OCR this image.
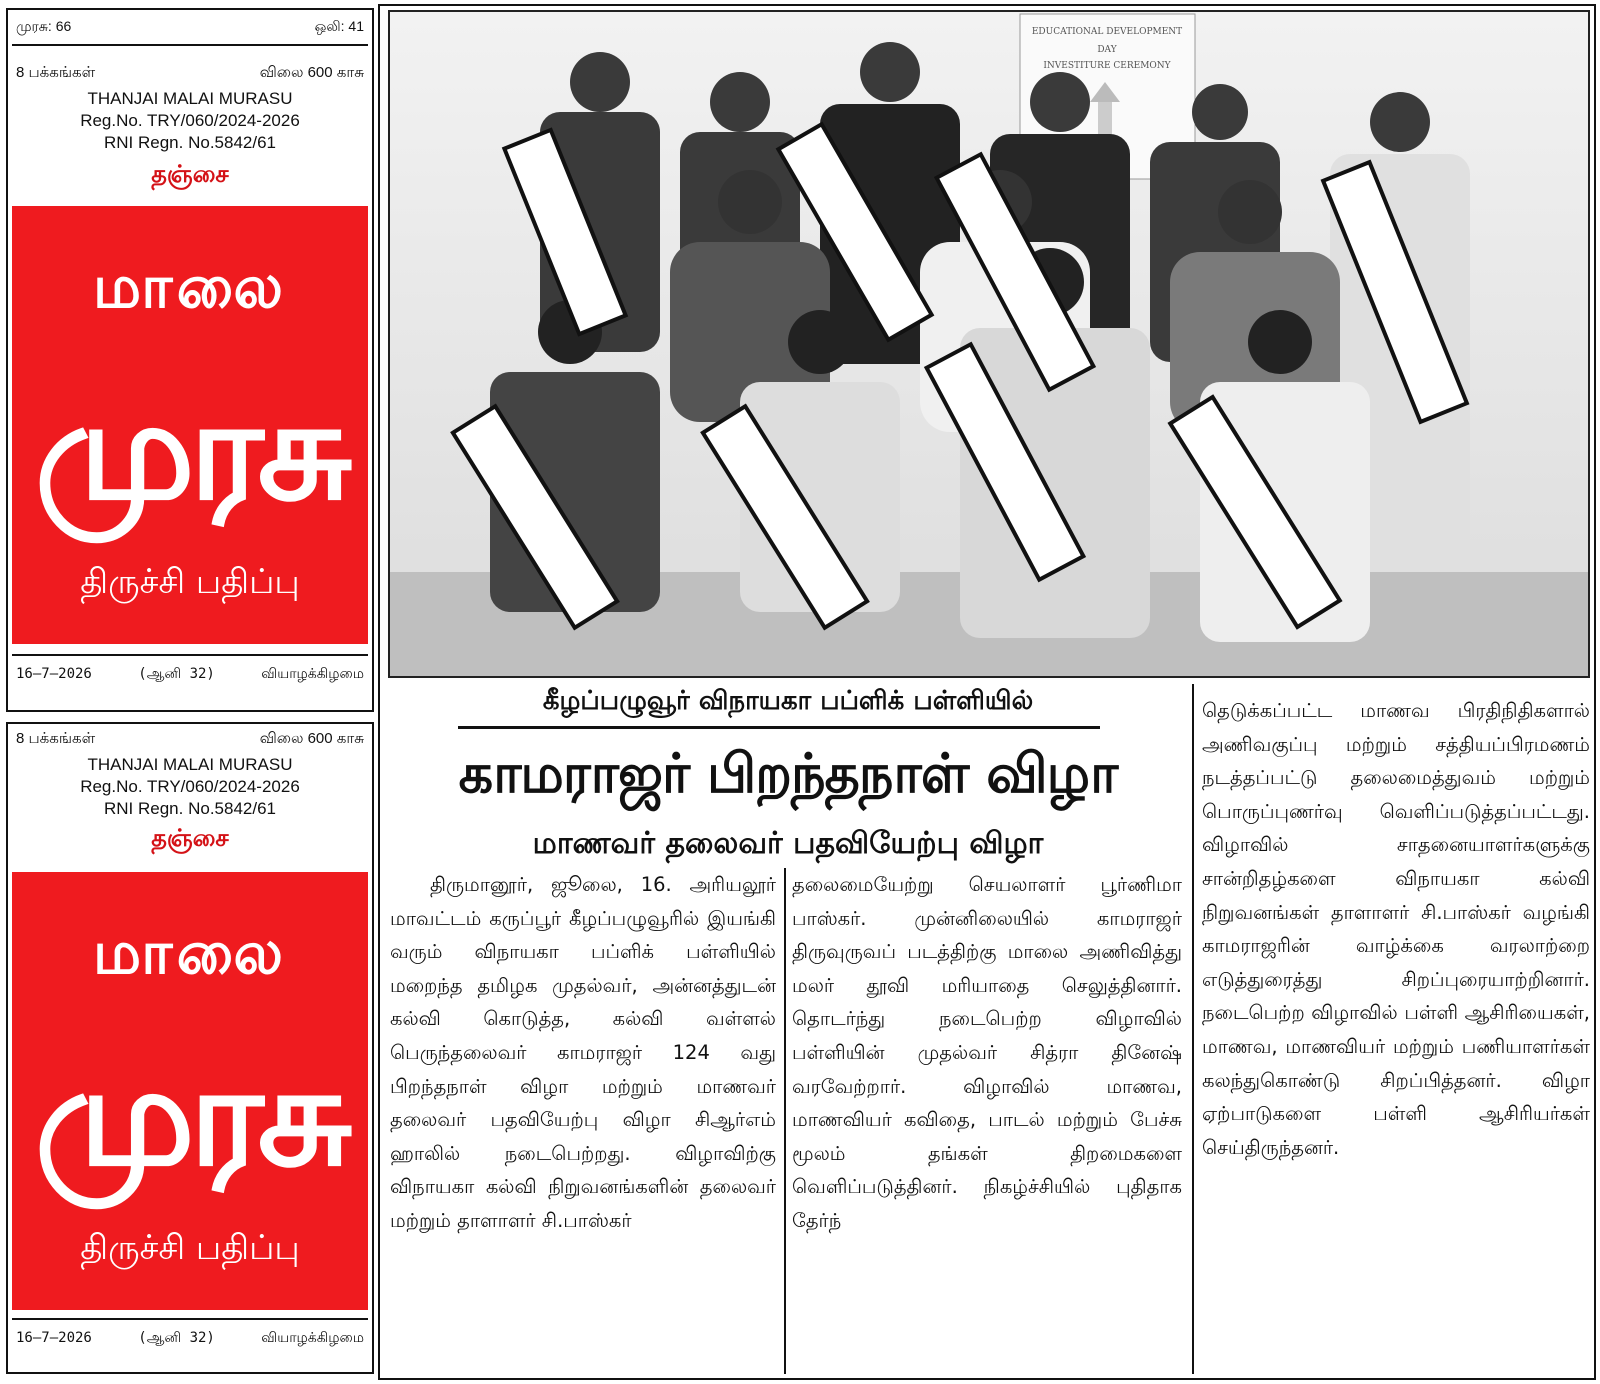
முரசு: 66	ஒலி: 41
8 பக்கங்கள்	விலை 600 காசு
THANJAI MALAI MURASU
Reg.No. TRY/060/2024-2026
RNI Regn. No.5842/61
தஞ்சை
மாலை
முரசு
திருச்சி பதிப்பு
16–7–2026	(ஆனி 32)	வியாழக்கிழமை
8 பக்கங்கள்	விலை 600 காசு
THANJAI MALAI MURASU
Reg.No. TRY/060/2024-2026
RNI Regn. No.5842/61
தஞ்சை
மாலை
முரசு
திருச்சி பதிப்பு
16–7–2026	(ஆனி 32)	வியாழக்கிழமை
EDUCATIONAL DEVELOPMENT
DAY
INVESTITURE CEREMONY
கீழப்பழுவூர் விநாயகா பப்ளிக் பள்ளியில்
காமராஜர் பிறந்தநாள் விழா
மாணவர் தலைவர் பதவியேற்பு விழா

திருமானூர், ஜூலை, 16. அரியலூர் மாவட்டம் கருப்பூர் கீழப்பழுவூரில் இயங்கி வரும் விநாயகா பப்ளிக் பள்ளியில் மறைந்த தமிழக முதல்வர், அன்னத்துடன் கல்வி கொடுத்த, கல்வி வள்ளல் பெருந்தலைவர் காமராஜர் 124 வது பிறந்தநாள் விழா மற்றும் மாணவர் தலைவர் பதவியேற்பு விழா சிஆர்எம் ஹாலில் நடைபெற்றது. விழாவிற்கு விநாயகா கல்வி நிறுவனங்களின் தலைவர் மற்றும் தாளாளர் சி.பாஸ்கர்

தலைமையேற்று செயலாளர் பூர்ணிமா பாஸ்கர். முன்னிலையில் காமராஜர் திருவுருவப் படத்திற்கு மாலை அணிவித்து மலர் தூவி மரியாதை செலுத்தினார். தொடர்ந்து நடைபெற்ற விழாவில் பள்ளியின் முதல்வர் சித்ரா தினேஷ் வரவேற்றார். விழாவில் மாணவ, மாணவியர் கவிதை, பாடல் மற்றும் பேச்சு மூலம் தங்கள் திறமைகளை வெளிப்படுத்தினர். நிகழ்ச்சியில் புதிதாக தேர்ந்

தெடுக்கப்பட்ட மாணவ பிரதிநிதிகளால் அணிவகுப்பு மற்றும் சத்தியப்பிரமணம் நடத்தப்பட்டு தலைமைத்துவம் மற்றும் பொருப்புணர்வு வெளிப்படுத்தப்பட்டது. விழாவில் சாதனையாளர்களுக்கு சான்றிதழ்களை விநாயகா கல்வி நிறுவனங்கள் தாளாளர் சி.பாஸ்கர் வழங்கி காமராஜரின் வாழ்க்கை வரலாற்றை எடுத்துரைத்து சிறப்புரையாற்றினார். நடைபெற்ற விழாவில் பள்ளி ஆசிரியைகள், மாணவ, மாணவியர் மற்றும் பணியாளர்கள் கலந்துகொண்டு சிறப்பித்தனர். விழா ஏற்பாடுகளை பள்ளி ஆசிரியர்கள் செய்திருந்தனர்.
